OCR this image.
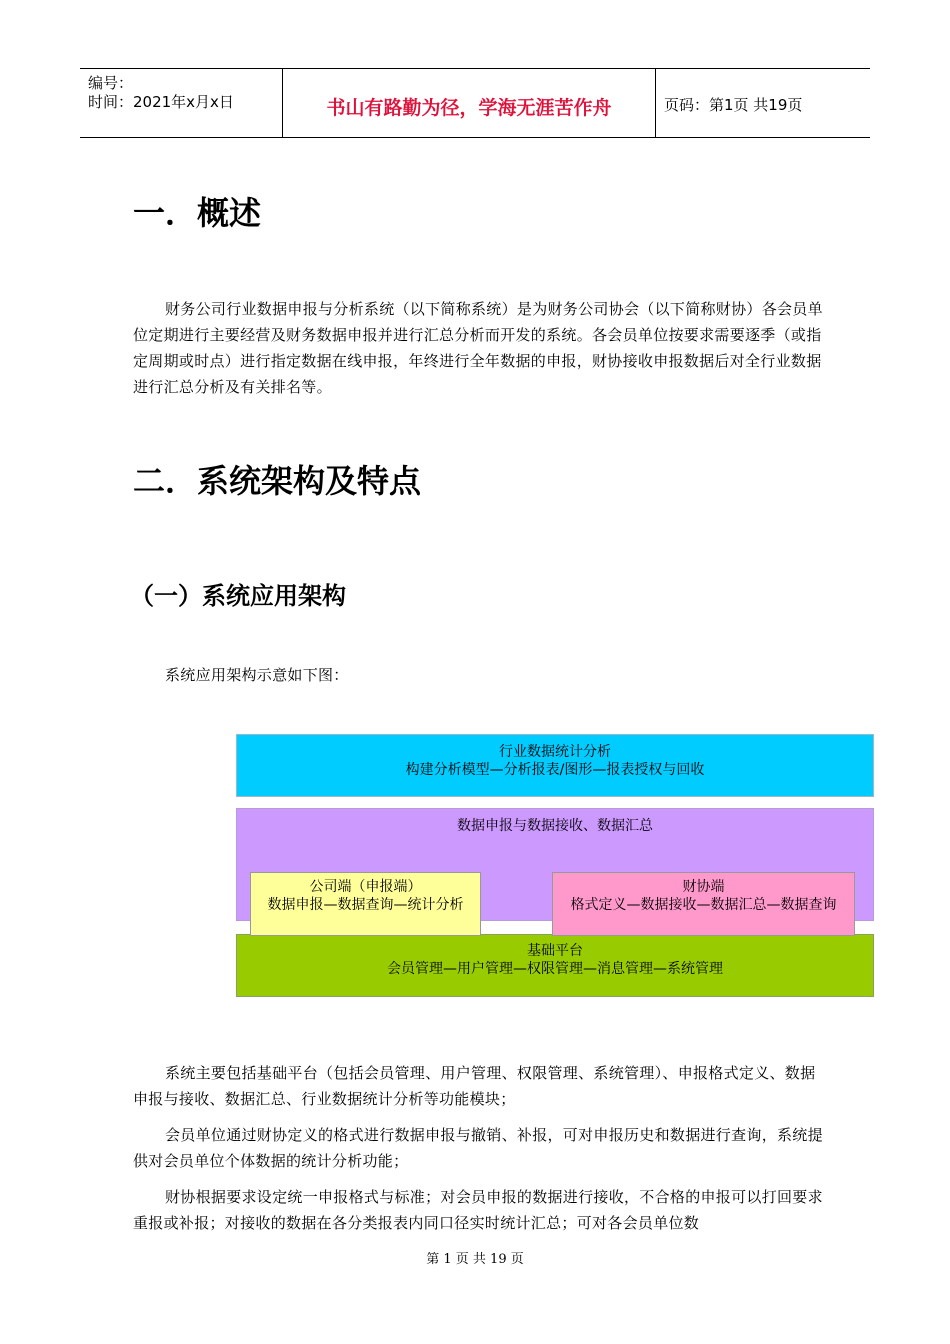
编号：
时间：2021年x月x日	书山有路勤为径，学海无涯苦作舟	页码：第1页 共19页
一．概述

财务公司行业数据申报与分析系统（以下简称系统）是为财务公司协会（以下简称财协）各会员单位定期进行主要经营及财务数据申报并进行汇总分析而开发的系统。各会员单位按要求需要逐季（或指定周期或时点）进行指定数据在线申报，年终进行全年数据的申报，财协接收申报数据后对全行业数据进行汇总分析及有关排名等。

二．系统架构及特点
（一）系统应用架构

系统应用架构示意如下图：

行业数据统计分析
构建分析模型—分析报表/图形—报表授权与回收
数据申报与数据接收、数据汇总
基础平台
会员管理—用户管理—权限管理—消息管理—系统管理
公司端（申报端）
数据申报—数据查询—统计分析
财协端
格式定义—数据接收—数据汇总—数据查询

系统主要包括基础平台（包括会员管理、用户管理、权限管理、系统管理）、申报格式定义、数据申报与接收、数据汇总、行业数据统计分析等功能模块；

会员单位通过财协定义的格式进行数据申报与撤销、补报，可对申报历史和数据进行查询，系统提供对会员单位个体数据的统计分析功能；

财协根据要求设定统一申报格式与标准；对会员申报的数据进行接收，不合格的申报可以打回要求重报或补报；对接收的数据在各分类报表内同口径实时统计汇总；可对各会员单位数

第 1 页 共 19 页
